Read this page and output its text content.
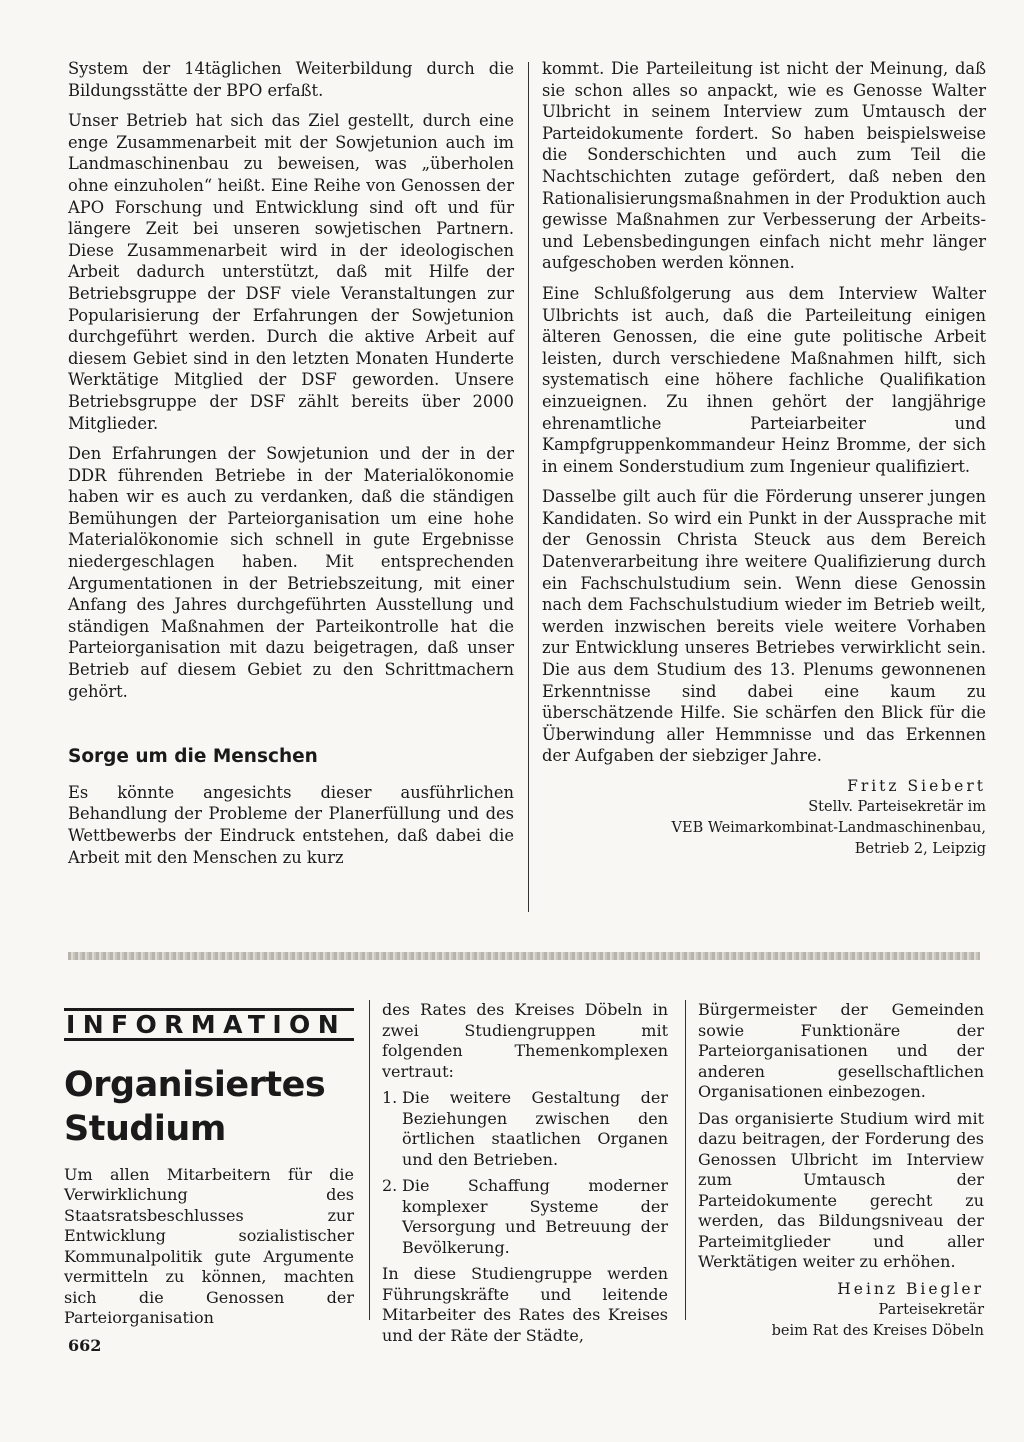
System der 14täglichen Weiterbildung durch die Bildungsstätte der BPO erfaßt.

Unser Betrieb hat sich das Ziel gestellt, durch eine enge Zusammenarbeit mit der Sowjetunion auch im Landmaschinenbau zu beweisen, was „überholen ohne einzuholen“ heißt. Eine Reihe von Genossen der APO Forschung und Entwicklung sind oft und für längere Zeit bei unseren sowjetischen Partnern. Diese Zusammenarbeit wird in der ideologischen Arbeit dadurch unterstützt, daß mit Hilfe der Betriebsgruppe der DSF viele Veranstaltungen zur Popularisierung der Erfahrungen der Sowjetunion durchgeführt werden. Durch die aktive Arbeit auf diesem Gebiet sind in den letzten Monaten Hunderte Werktätige Mitglied der DSF geworden. Unsere Betriebsgruppe der DSF zählt bereits über 2000 Mitglieder.

Den Erfahrungen der Sowjetunion und der in der DDR führenden Betriebe in der Materialökonomie haben wir es auch zu verdanken, daß die ständigen Bemühungen der Parteiorganisation um eine hohe Materialökonomie sich schnell in gute Ergebnisse niedergeschlagen haben. Mit entsprechenden Argumentationen in der Betriebszeitung, mit einer Anfang des Jahres durchgeführten Ausstellung und ständigen Maßnahmen der Parteikontrolle hat die Parteiorganisation mit dazu beigetragen, daß unser Betrieb auf diesem Gebiet zu den Schrittmachern gehört.

Sorge um die Menschen

Es könnte angesichts dieser ausführlichen Behandlung der Probleme der Planerfüllung und des Wettbewerbs der Eindruck entstehen, daß dabei die Arbeit mit den Menschen zu kurz

kommt. Die Parteileitung ist nicht der Meinung, daß sie schon alles so anpackt, wie es Genosse Walter Ulbricht in seinem Interview zum Umtausch der Parteidokumente fordert. So haben beispielsweise die Sonderschichten und auch zum Teil die Nachtschichten zutage gefördert, daß neben den Rationalisierungsmaßnahmen in der Produktion auch gewisse Maßnahmen zur Verbesserung der Arbeits- und Lebensbedingungen einfach nicht mehr länger aufgeschoben werden können.

Eine Schlußfolgerung aus dem Interview Walter Ulbrichts ist auch, daß die Parteileitung einigen älteren Genossen, die eine gute politische Arbeit leisten, durch verschiedene Maßnahmen hilft, sich systematisch eine höhere fachliche Qualifikation einzueignen. Zu ihnen gehört der langjährige ehrenamtliche Parteiarbeiter und Kampfgruppenkommandeur Heinz Bromme, der sich in einem Sonderstudium zum Ingenieur qualifiziert.

Dasselbe gilt auch für die Förderung unserer jungen Kandidaten. So wird ein Punkt in der Aussprache mit der Genossin Christa Steuck aus dem Bereich Datenverarbeitung ihre weitere Qualifizierung durch ein Fachschulstudium sein. Wenn diese Genossin nach dem Fachschulstudium wieder im Betrieb weilt, werden inzwischen bereits viele weitere Vorhaben zur Entwicklung unseres Betriebes verwirklicht sein. Die aus dem Studium des 13. Plenums gewonnenen Erkenntnisse sind dabei eine kaum zu überschätzende Hilfe. Sie schärfen den Blick für die Überwindung aller Hemmnisse und das Erkennen der Aufgaben der siebziger Jahre.

Fritz Siebert
Stellv. Parteisekretär im
VEB Weimarkombinat-Landmaschinenbau,
Betrieb 2, Leipzig
INFORMATION
Organisiertes
Studium

Um allen Mitarbeitern für die Verwirklichung des Staatsratsbeschlusses zur Entwicklung sozialistischer Kommunalpolitik gute Argumente vermitteln zu können, machten sich die Genossen der Parteiorganisation

des Rates des Kreises Döbeln in zwei Studiengruppen mit folgenden Themenkomplexen vertraut:

1. Die weitere Gestaltung der Beziehungen zwischen den örtlichen staatlichen Organen und den Betrieben.
2. Die Schaffung moderner komplexer Systeme der Versorgung und Betreuung der Bevölkerung.

In diese Studiengruppe werden Führungskräfte und leitende Mitarbeiter des Rates des Kreises und der Räte der Städte,

Bürgermeister der Gemeinden sowie Funktionäre der Parteiorganisationen und der anderen gesellschaftlichen Organisationen einbezogen.

Das organisierte Studium wird mit dazu beitragen, der Forderung des Genossen Ulbricht im Interview zum Umtausch der Parteidokumente gerecht zu werden, das Bildungsniveau der Parteimitglieder und aller Werktätigen weiter zu erhöhen.

Heinz Biegler
Parteisekretär
beim Rat des Kreises Döbeln
662
